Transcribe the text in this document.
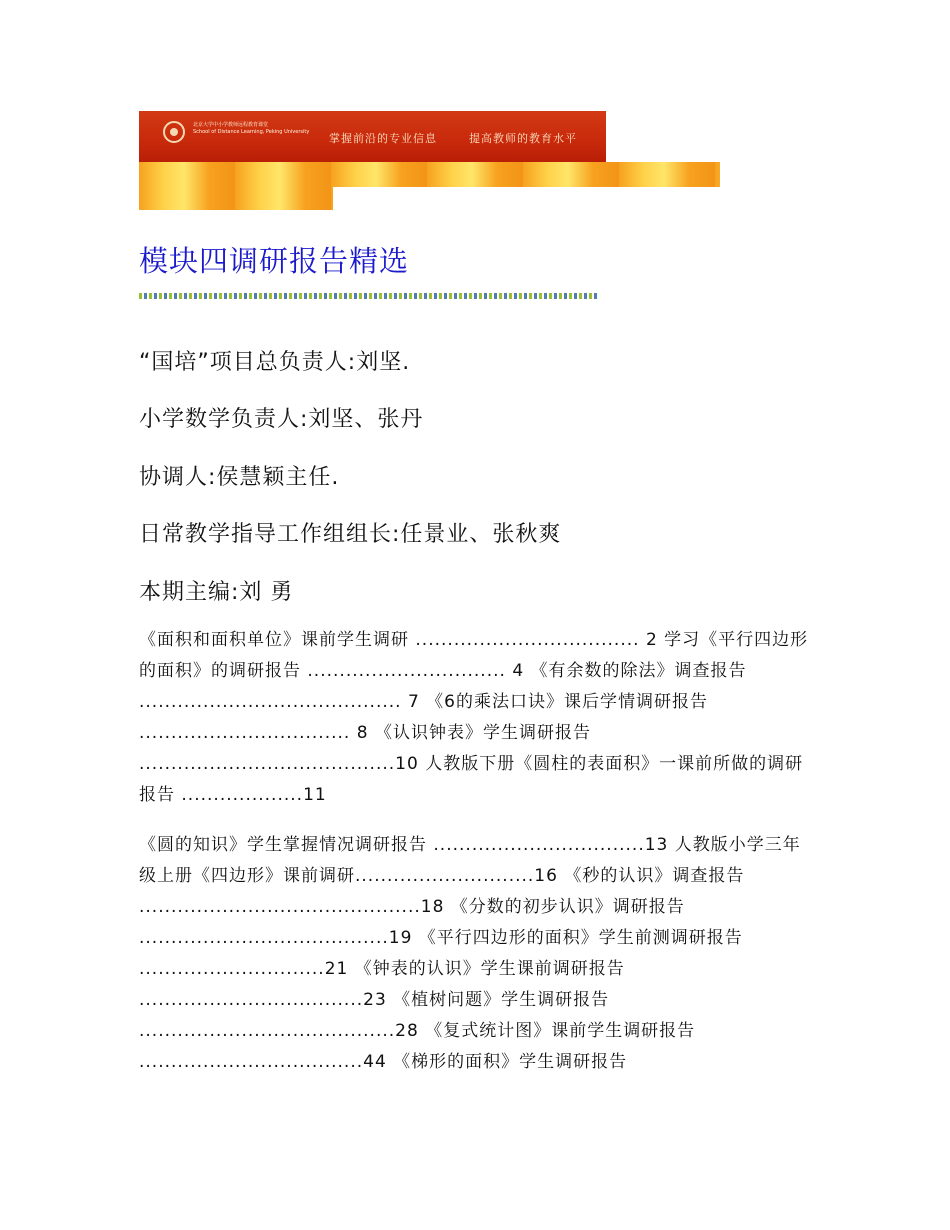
北京大学中小学教师远程教育课堂
School of Distance Learning, Peking University 掌握前沿的专业信息	提高教师的教育水平
模块四调研报告精选
“国培”项目总负责人:刘坚.
小学数学负责人:刘坚、张丹
协调人:侯慧颖主任.
日常教学指导工作组组长:任景业、张秋爽
本期主编:刘 勇

《面积和面积单位》课前学生调研 ................................... 2 学习《平行四边形的面积》的调研报告 ............................... 4 《有余数的除法》调查报告 ......................................... 7 《6的乘法口诀》课后学情调研报告 ................................. 8 《认识钟表》学生调研报告 ........................................10 人教版下册《圆柱的表面积》一课前所做的调研报告 ...................11

《圆的知识》学生掌握情况调研报告 .................................13 人教版小学三年级上册《四边形》课前调研............................16 《秒的认识》调查报告 ............................................18 《分数的初步认识》调研报告 .......................................19 《平行四边形的面积》学生前测调研报告 .............................21 《钟表的认识》学生课前调研报告 ...................................23 《植树问题》学生调研报告 ........................................28 《复式统计图》课前学生调研报告 ...................................44 《梯形的面积》学生调研报告
